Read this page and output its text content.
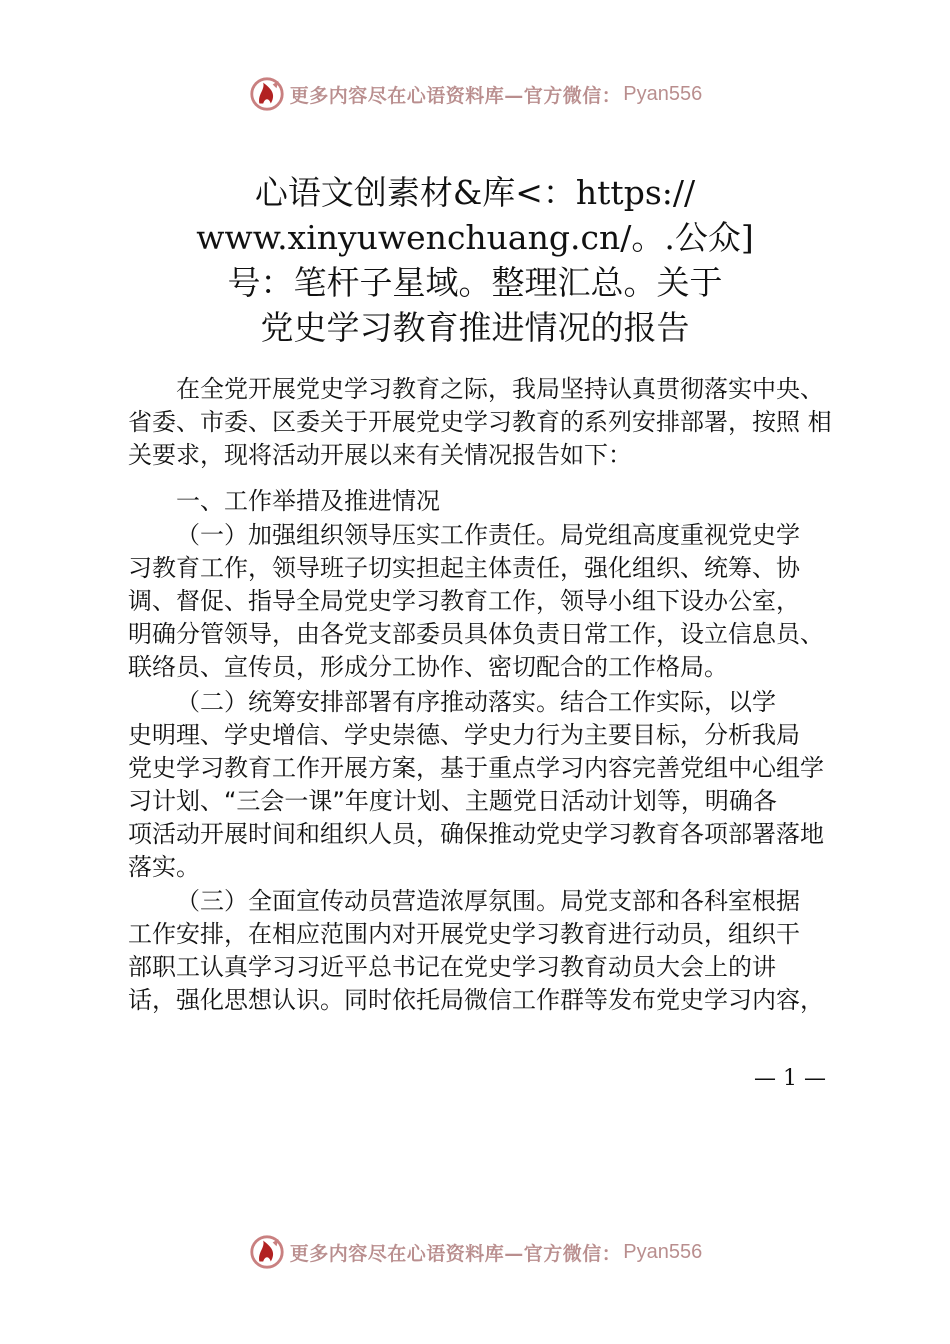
更多内容尽在心语资料库—官方微信： Pyan556
心语文创素材&库<：https://
www.xinyuwenchuang.cn/。.公众]
号：笔杆子星域。整理汇总。关于
党史学习教育推进情况的报告
在全党开展党史学习教育之际，我局坚持认真贯彻落实中央、
省委、市委、区委关于开展党史学习教育的系列安排部署，按照 相
关要求，现将活动开展以来有关情况报告如下：
一、工作举措及推进情况
（一）加强组织领导压实工作责任。局党组高度重视党史学
习教育工作，领导班子切实担起主体责任，强化组织、统筹、协
调、督促、指导全局党史学习教育工作，领导小组下设办公室，
明确分管领导，由各党支部委员具体负责日常工作，设立信息员、
联络员、宣传员，形成分工协作、密切配合的工作格局。
（二）统筹安排部署有序推动落实。结合工作实际，以学
史明理、学史增信、学史崇德、学史力行为主要目标，分析我局
党史学习教育工作开展方案，基于重点学习内容完善党组中心组学
习计划、“三会一课”年度计划、主题党日活动计划等，明确各
项活动开展时间和组织人员，确保推动党史学习教育各项部署落地
落实。
（三）全面宣传动员营造浓厚氛围。局党支部和各科室根据
工作安排，在相应范围内对开展党史学习教育进行动员，组织干
部职工认真学习习近平总书记在党史学习教育动员大会上的讲
话，强化思想认识。同时依托局微信工作群等发布党史学习内容，
— 1 —
更多内容尽在心语资料库—官方微信： Pyan556
